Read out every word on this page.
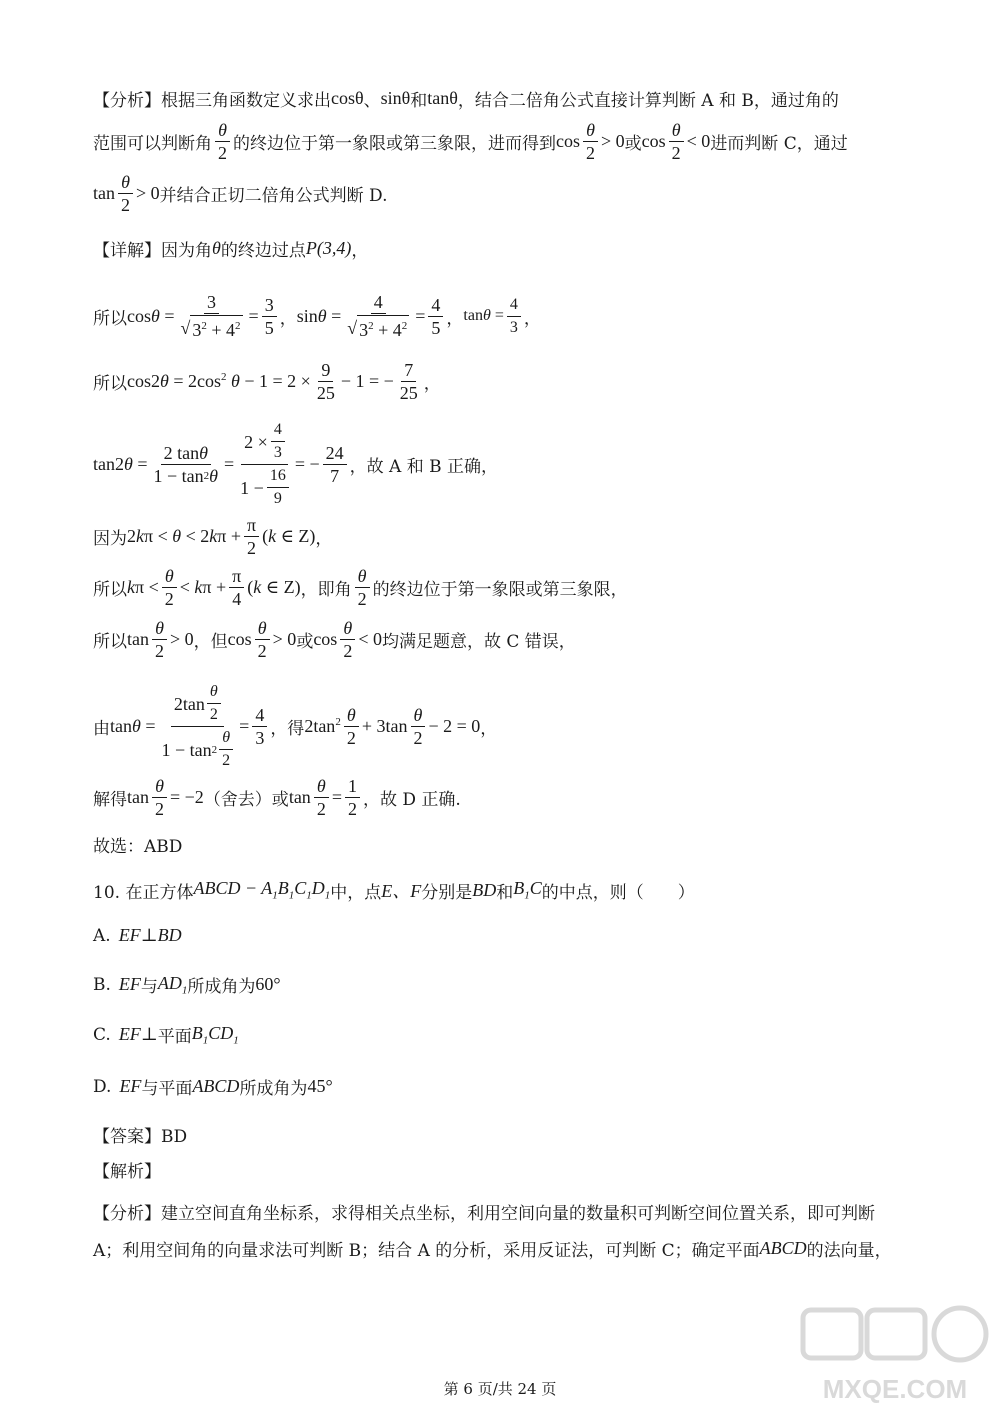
【分析】根据三角函数定义求出 cosθ 、 sinθ 和 tanθ ，结合二倍角公式直接计算判断 A 和 B，通过角的
范围可以判断角 $\frac{\theta}{2}$ 的终边位于第一象限或第三象限，进而得到 $\cos \frac{\theta}{2} > 0$ 或 $\cos \frac{\theta}{2} < 0$ 进而判断 C，通过
$\tan \frac{\theta}{2} > 0$ 并结合正切二倍角公式判断 D.
【详解】因为角 θ 的终边过点 P(3,4) ，
所以 $\cos\theta = \frac{3}{√ 3^2 + 4^2} = \frac{3}{5}$ ， $\sin\theta = \frac{4}{√ 3^2 + 4^2} = \frac{4}{5}$ ， $\tan\theta = \frac{4}{3}$ ，
所以 $\cos 2\theta = 2\cos^2$ $\theta - 1 = 2 \times \frac{9}{25} - 1$ = − $\frac{7}{25}$ ，
$\tan 2\theta = \frac{\text{2 tan θ}}{1 - \tan 2 \theta} = \frac{2 \times \frac{4}{3}}{1 - \frac{16}{9}}$ = − $\frac{24}{7}$ ，故 A 和 B 正确，
因为 $2k\pi < \theta < 2k\pi + \frac{\pi}{2} (k$ ∈ Z) ，
所以 $k\pi < \frac{\theta}{2} < k\pi + \frac{\pi}{4} (k$ ∈ Z) ，即角 $\frac{\theta}{2}$ 的终边位于第一象限或第三象限，
所以 $\tan \frac{\theta}{2} > 0$ ，但 $\cos \frac{\theta}{2} > 0$ 或 $\cos \frac{\theta}{2} < 0$ 均满足题意，故 C 错误，
由 $\tan\theta = \frac{2\tan \frac{\theta}{2}}{1 - \tan 2 \frac{\theta}{2}} = \frac{4}{3}$ ，得 $2\tan^2 \frac{\theta}{2} + 3\tan \frac{\theta}{2} - 2 = 0$ ，
解得 $\tan \frac{\theta}{2} = -2$ （舍去）或 $\tan \frac{\theta}{2} = \frac{1}{2}$ ，故 D 正确.
故选：ABD
10. 在正方体 ABCD − $A_1B_1C_1D_1$ 中，点 E、F 分别是 BD 和 $B_1C$ 的中点，则（　　）
A. EF ⊥ BD
B. EF 与 $AD_1$ 所成角为 60°
C. EF ⊥ 平面 $B_1CD_1$
D. EF 与平面 ABCD 所成角为 45°
【答案】BD
【解析】
【分析】建立空间直角坐标系，求得相关点坐标，利用空间向量的数量积可判断空间位置关系，即可判断
A；利用空间角的向量求法可判断 B；结合 A 的分析，采用反证法，可判断 C；确定平面 ABCD 的法向量，
第 6 页/共 24 页	MXQE.COM
